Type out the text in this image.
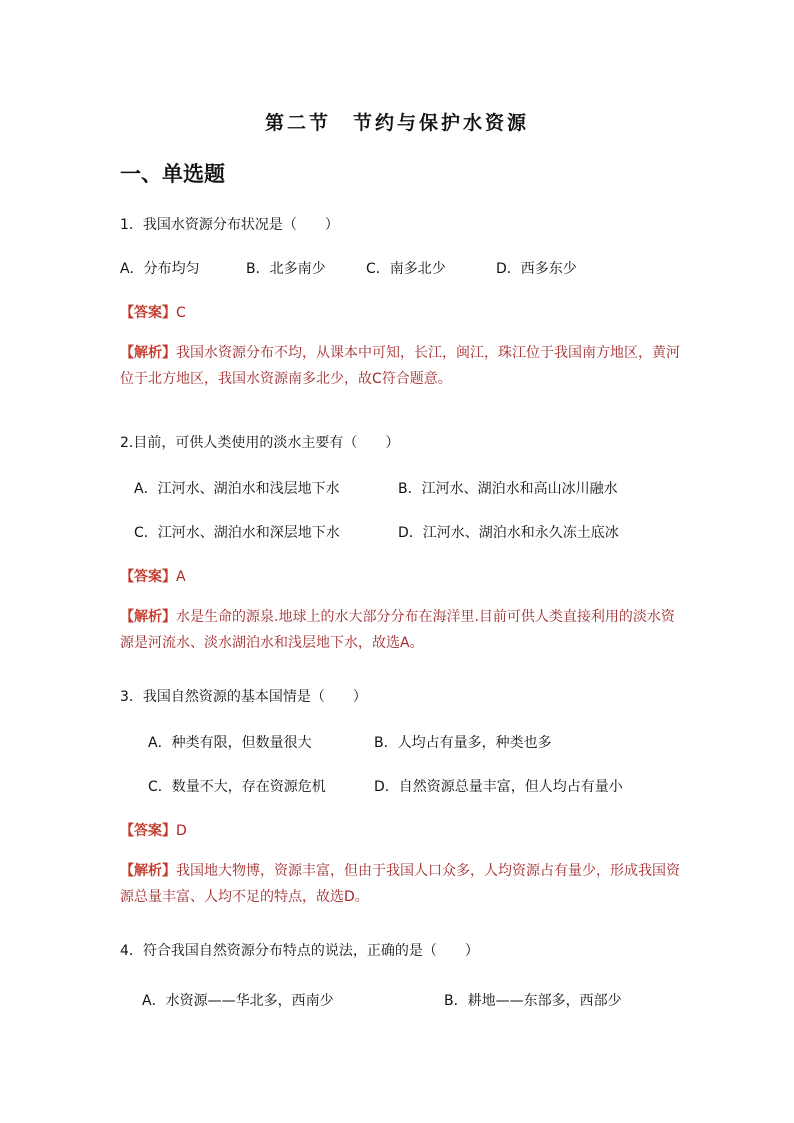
第二节　节约与保护水资源
一、单选题
1．我国水资源分布状况是（　　）
A．分布均匀	B．北多南少	C．南多北少	D．西多东少
【答案】C
【解析】我国水资源分布不均，从课本中可知，长江，闽江，珠江位于我国南方地区，黄河位于北方地区，我国水资源南多北少，故C符合题意。
2.目前，可供人类使用的淡水主要有（　　）
A．江河水、湖泊水和浅层地下水	B．江河水、湖泊水和高山冰川融水
C．江河水、湖泊水和深层地下水	D．江河水、湖泊水和永久冻土底冰
【答案】A
【解析】水是生命的源泉.地球上的水大部分分布在海洋里.目前可供人类直接利用的淡水资源是河流水、淡水湖泊水和浅层地下水，故选A。
3．我国自然资源的基本国情是（　　）
A．种类有限，但数量很大	B．人均占有量多，种类也多
C．数量不大，存在资源危机	D．自然资源总量丰富，但人均占有量小
【答案】D
【解析】我国地大物博，资源丰富，但由于我国人口众多，人均资源占有量少，形成我国资源总量丰富、人均不足的特点，故选D。
4．符合我国自然资源分布特点的说法，正确的是（　　）
A．水资源——华北多，西南少	B．耕地——东部多，西部少
